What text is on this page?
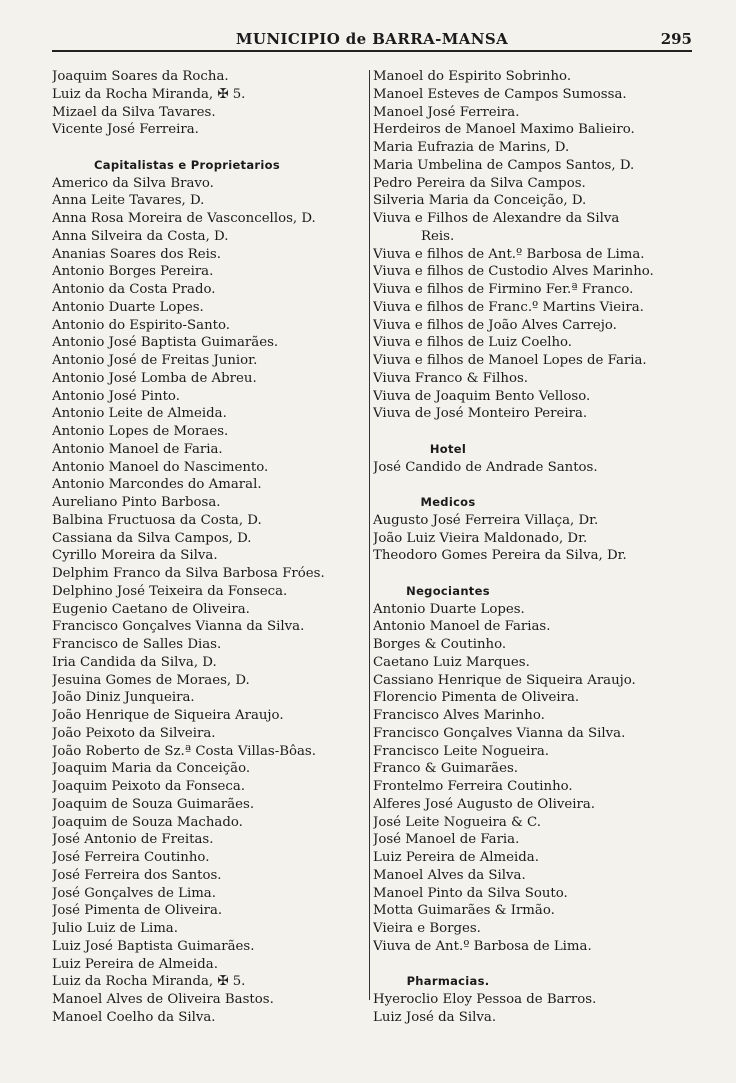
MUNICIPIO de BARRA-MANSA	295
Joaquim Soares da Rocha.
Luiz da Rocha Miranda, ✠ 5.
Mizael da Silva Tavares.
Vicente José Ferreira.
Capitalistas e Proprietarios
Americo da Silva Bravo.
Anna Leite Tavares, D.
Anna Rosa Moreira de Vasconcellos, D.
Anna Silveira da Costa, D.
Ananias Soares dos Reis.
Antonio Borges Pereira.
Antonio da Costa Prado.
Antonio Duarte Lopes.
Antonio do Espirito-Santo.
Antonio José Baptista Guimarães.
Antonio José de Freitas Junior.
Antonio José Lomba de Abreu.
Antonio José Pinto.
Antonio Leite de Almeida.
Antonio Lopes de Moraes.
Antonio Manoel de Faria.
Antonio Manoel do Nascimento.
Antonio Marcondes do Amaral.
Aureliano Pinto Barbosa.
Balbina Fructuosa da Costa, D.
Cassiana da Silva Campos, D.
Cyrillo Moreira da Silva.
Delphim Franco da Silva Barbosa Fróes.
Delphino José Teixeira da Fonseca.
Eugenio Caetano de Oliveira.
Francisco Gonçalves Vianna da Silva.
Francisco de Salles Dias.
Iria Candida da Silva, D.
Jesuina Gomes de Moraes, D.
João Diniz Junqueira.
João Henrique de Siqueira Araujo.
João Peixoto da Silveira.
João Roberto de Sz.ª Costa Villas-Bôas.
Joaquim Maria da Conceição.
Joaquim Peixoto da Fonseca.
Joaquim de Souza Guimarães.
Joaquim de Souza Machado.
José Antonio de Freitas.
José Ferreira Coutinho.
José Ferreira dos Santos.
José Gonçalves de Lima.
José Pimenta de Oliveira.
Julio Luiz de Lima.
Luiz José Baptista Guimarães.
Luiz Pereira de Almeida.
Luiz da Rocha Miranda, ✠ 5.
Manoel Alves de Oliveira Bastos.
Manoel Coelho da Silva.
Manoel do Espirito Sobrinho.
Manoel Esteves de Campos Sumossa.
Manoel José Ferreira.
Herdeiros de Manoel Maximo Balieiro.
Maria Eufrazia de Marins, D.
Maria Umbelina de Campos Santos, D.
Pedro Pereira da Silva Campos.
Silveria Maria da Conceição, D.
Viuva e Filhos de Alexandre da Silva
Reis.
Viuva e filhos de Ant.º Barbosa de Lima.
Viuva e filhos de Custodio Alves Marinho.
Viuva e filhos de Firmino Fer.ª Franco.
Viuva e filhos de Franc.º Martins Vieira.
Viuva e filhos de João Alves Carrejo.
Viuva e filhos de Luiz Coelho.
Viuva e filhos de Manoel Lopes de Faria.
Viuva Franco & Filhos.
Viuva de Joaquim Bento Velloso.
Viuva de José Monteiro Pereira.
Hotel
José Candido de Andrade Santos.
Medicos
Augusto José Ferreira Villaça, Dr.
João Luiz Vieira Maldonado, Dr.
Theodoro Gomes Pereira da Silva, Dr.
Negociantes
Antonio Duarte Lopes.
Antonio Manoel de Farias.
Borges & Coutinho.
Caetano Luiz Marques.
Cassiano Henrique de Siqueira Araujo.
Florencio Pimenta de Oliveira.
Francisco Alves Marinho.
Francisco Gonçalves Vianna da Silva.
Francisco Leite Nogueira.
Franco & Guimarães.
Frontelmo Ferreira Coutinho.
Alferes José Augusto de Oliveira.
José Leite Nogueira & C.
José Manoel de Faria.
Luiz Pereira de Almeida.
Manoel Alves da Silva.
Manoel Pinto da Silva Souto.
Motta Guimarães & Irmão.
Vieira e Borges.
Viuva de Ant.º Barbosa de Lima.
Pharmacias.
Hyeroclio Eloy Pessoa de Barros.
Luiz José da Silva.
